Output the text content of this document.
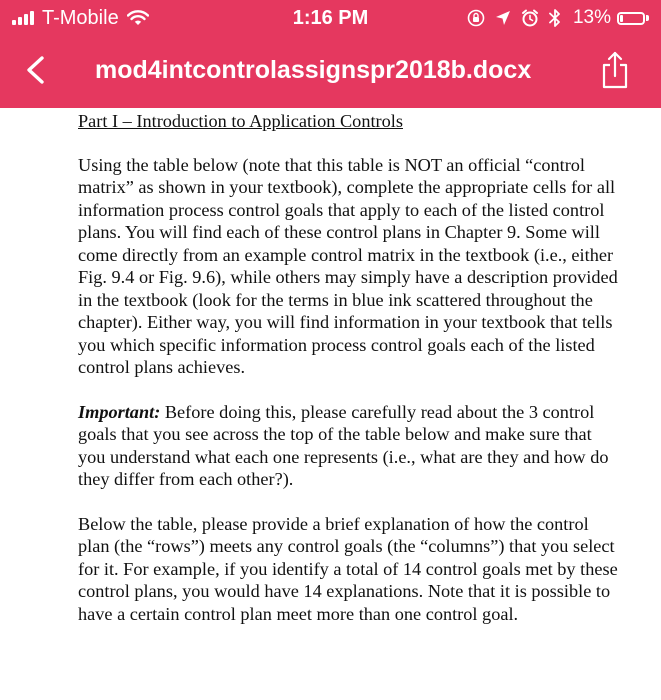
T-Mobile	1:16 PM	13%
mod4intcontrolassignspr2018b.docx

Part I – Introduction to Application Controls

Using the table below (note that this table is NOT an official “control matrix” as shown in your textbook), complete the appropriate cells for all information process control goals that apply to each of the listed control plans. You will find each of these control plans in Chapter 9. Some will come directly from an example control matrix in the textbook (i.e., either Fig. 9.4 or Fig. 9.6), while others may simply have a description provided in the textbook (look for the terms in blue ink scattered throughout the chapter). Either way, you will find information in your textbook that tells you which specific information process control goals each of the listed control plans achieves.

Important: Before doing this, please carefully read about the 3 control goals that you see across the top of the table below and make sure that you understand what each one represents (i.e., what are they and how do they differ from each other?).

Below the table, please provide a brief explanation of how the control plan (the “rows”) meets any control goals (the “columns”) that you select for it. For example, if you identify a total of 14 control goals met by these control plans, you would have 14 explanations. Note that it is possible to have a certain control plan meet more than one control goal.
